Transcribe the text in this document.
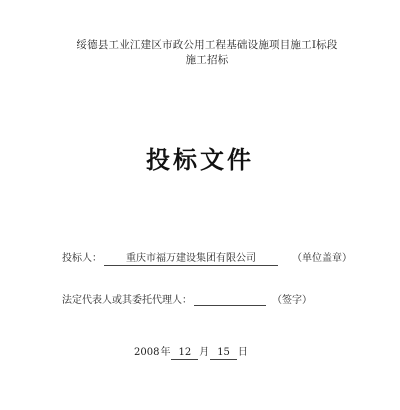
绥德县工业江建区市政公用工程基础设施项目施工Ⅰ标段
施工招标
投标文件
投标人： 重庆市福万建设集团有限公司	（单位盖章）
法定代表人或其委托代理人：	（签字）
2008年 12 月 15 日
